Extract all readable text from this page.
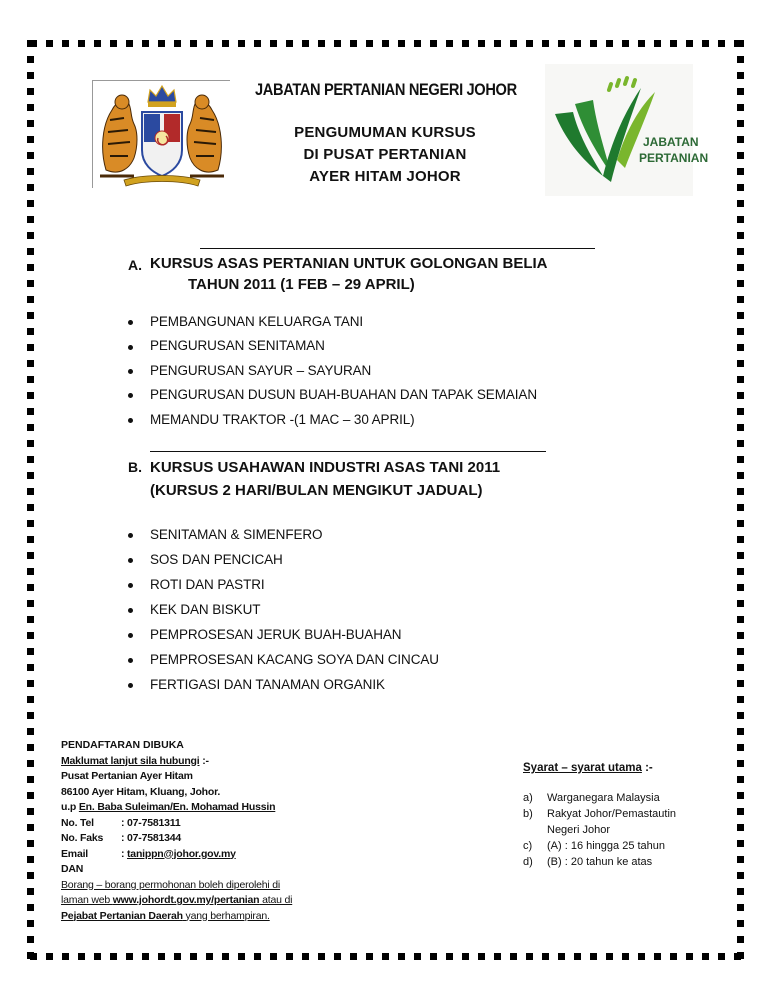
JABATAN PERTANIAN NEGERI JOHOR
PENGUMUMAN KURSUS
DI PUSAT PERTANIAN
AYER HITAM JOHOR
JABATAN
PERTANIAN
A. KURSUS ASAS PERTANIAN UNTUK GOLONGAN BELIA
TAHUN 2011 (1 FEB – 29 APRIL)
PEMBANGUNAN KELUARGA TANI
PENGURUSAN SENITAMAN
PENGURUSAN SAYUR – SAYURAN
PENGURUSAN DUSUN BUAH-BUAHAN DAN TAPAK SEMAIAN
MEMANDU TRAKTOR -(1 MAC – 30 APRIL)
B. KURSUS USAHAWAN INDUSTRI ASAS TANI 2011
(KURSUS 2 HARI/BULAN MENGIKUT JADUAL)
SENITAMAN & SIMENFERO
SOS DAN PENCICAH
ROTI DAN PASTRI
KEK DAN BISKUT
PEMPROSESAN JERUK BUAH-BUAHAN
PEMPROSESAN KACANG SOYA DAN CINCAU
FERTIGASI DAN TANAMAN ORGANIK
PENDAFTARAN DIBUKA
Maklumat lanjut sila hubungi :-
Pusat Pertanian Ayer Hitam
86100 Ayer Hitam, Kluang, Johor.
u.p En. Baba Suleiman/En. Mohamad Hussin
No. Tel	: 07-7581311
No. Faks : 07-7581344
Email	: tanippn@johor.gov.my
DAN
Borang – borang permohonan boleh diperolehi di
laman web www.johordt.gov.my/pertanian atau di
Pejabat Pertanian Daerah yang berhampiran.
Syarat – syarat utama :-
a) Warganegara Malaysia
b) Rakyat Johor/Pemastautin
Negeri Johor
c) (A) : 16 hingga 25 tahun
d) (B) : 20 tahun ke atas
